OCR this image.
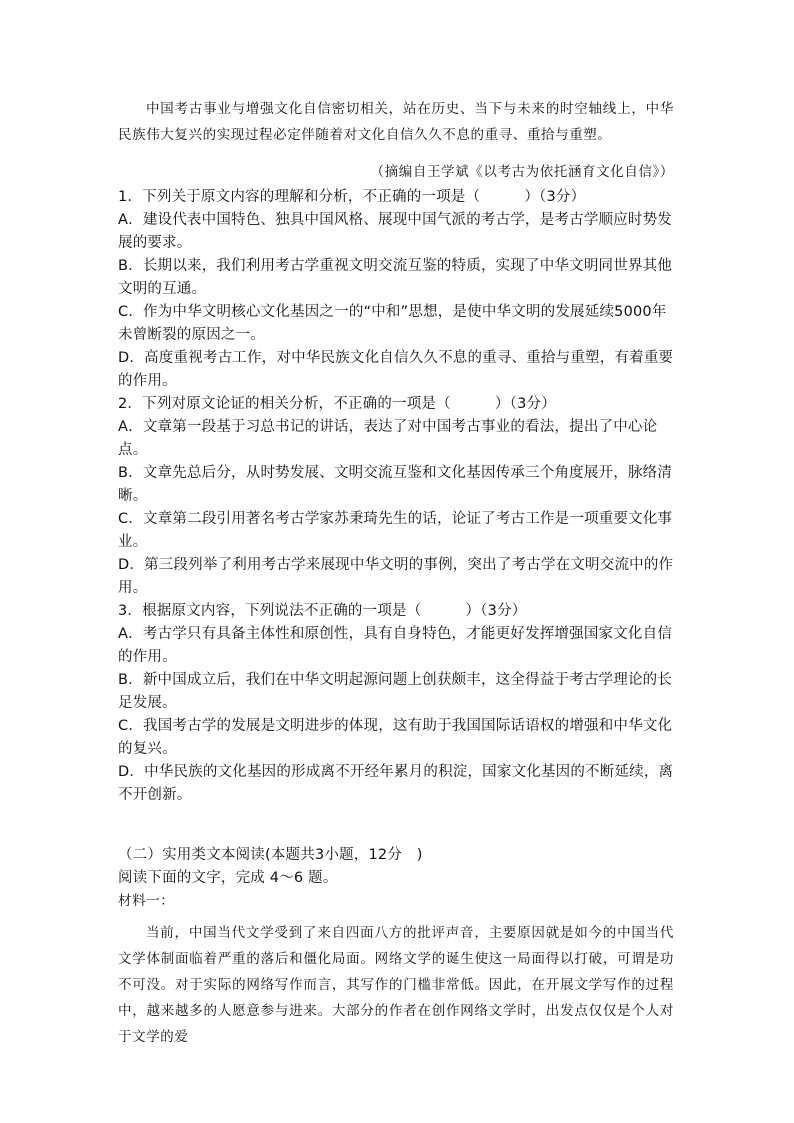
中国考古事业与增强文化自信密切相关，站在历史、当下与未来的时空轴线上，中华民族伟大复兴的实现过程必定伴随着对文化自信久久不息的重寻、重拾与重塑。

（摘编自王学斌《以考古为依托涵育文化自信》）
1．下列关于原文内容的理解和分析，不正确的一项是（　　　）（3分）
A．建设代表中国特色、独具中国风格、展现中国气派的考古学，是考古学顺应时势发展的要求。
B．长期以来，我们利用考古学重视文明交流互鉴的特质，实现了中华文明同世界其他文明的互通。
C．作为中华文明核心文化基因之一的“中和”思想，是使中华文明的发展延续5000年未曾断裂的原因之一。
D．高度重视考古工作，对中华民族文化自信久久不息的重寻、重拾与重塑，有着重要的作用。
2．下列对原文论证的相关分析，不正确的一项是（　　　）（3分）
A．文章第一段基于习总书记的讲话，表达了对中国考古事业的看法，提出了中心论点。
B．文章先总后分，从时势发展、文明交流互鉴和文化基因传承三个角度展开，脉络清晰。
C．文章第二段引用著名考古学家苏秉琦先生的话，论证了考古工作是一项重要文化事业。
D．第三段列举了利用考古学来展现中华文明的事例，突出了考古学在文明交流中的作用。
3．根据原文内容，下列说法不正确的一项是（　　　）（3分）
A．考古学只有具备主体性和原创性，具有自身特色，才能更好发挥增强国家文化自信的作用。
B．新中国成立后，我们在中华文明起源问题上创获颇丰，这全得益于考古学理论的长足发展。
C．我国考古学的发展是文明进步的体现，这有助于我国国际话语权的增强和中华文化的复兴。
D．中华民族的文化基因的形成离不开经年累月的积淀，国家文化基因的不断延续，离不开创新。
（二）实用类文本阅读(本题共3小题，12分　)
阅读下面的文字，完成 4～6 题。
材料一：

当前，中国当代文学受到了来自四面八方的批评声音，主要原因就是如今的中国当代文学体制面临着严重的落后和僵化局面。网络文学的诞生使这一局面得以打破，可谓是功不可没。对于实际的网络写作而言，其写作的门槛非常低。因此，在开展文学写作的过程中，越来越多的人愿意参与进来。大部分的作者在创作网络文学时，出发点仅仅是个人对于文学的爱
